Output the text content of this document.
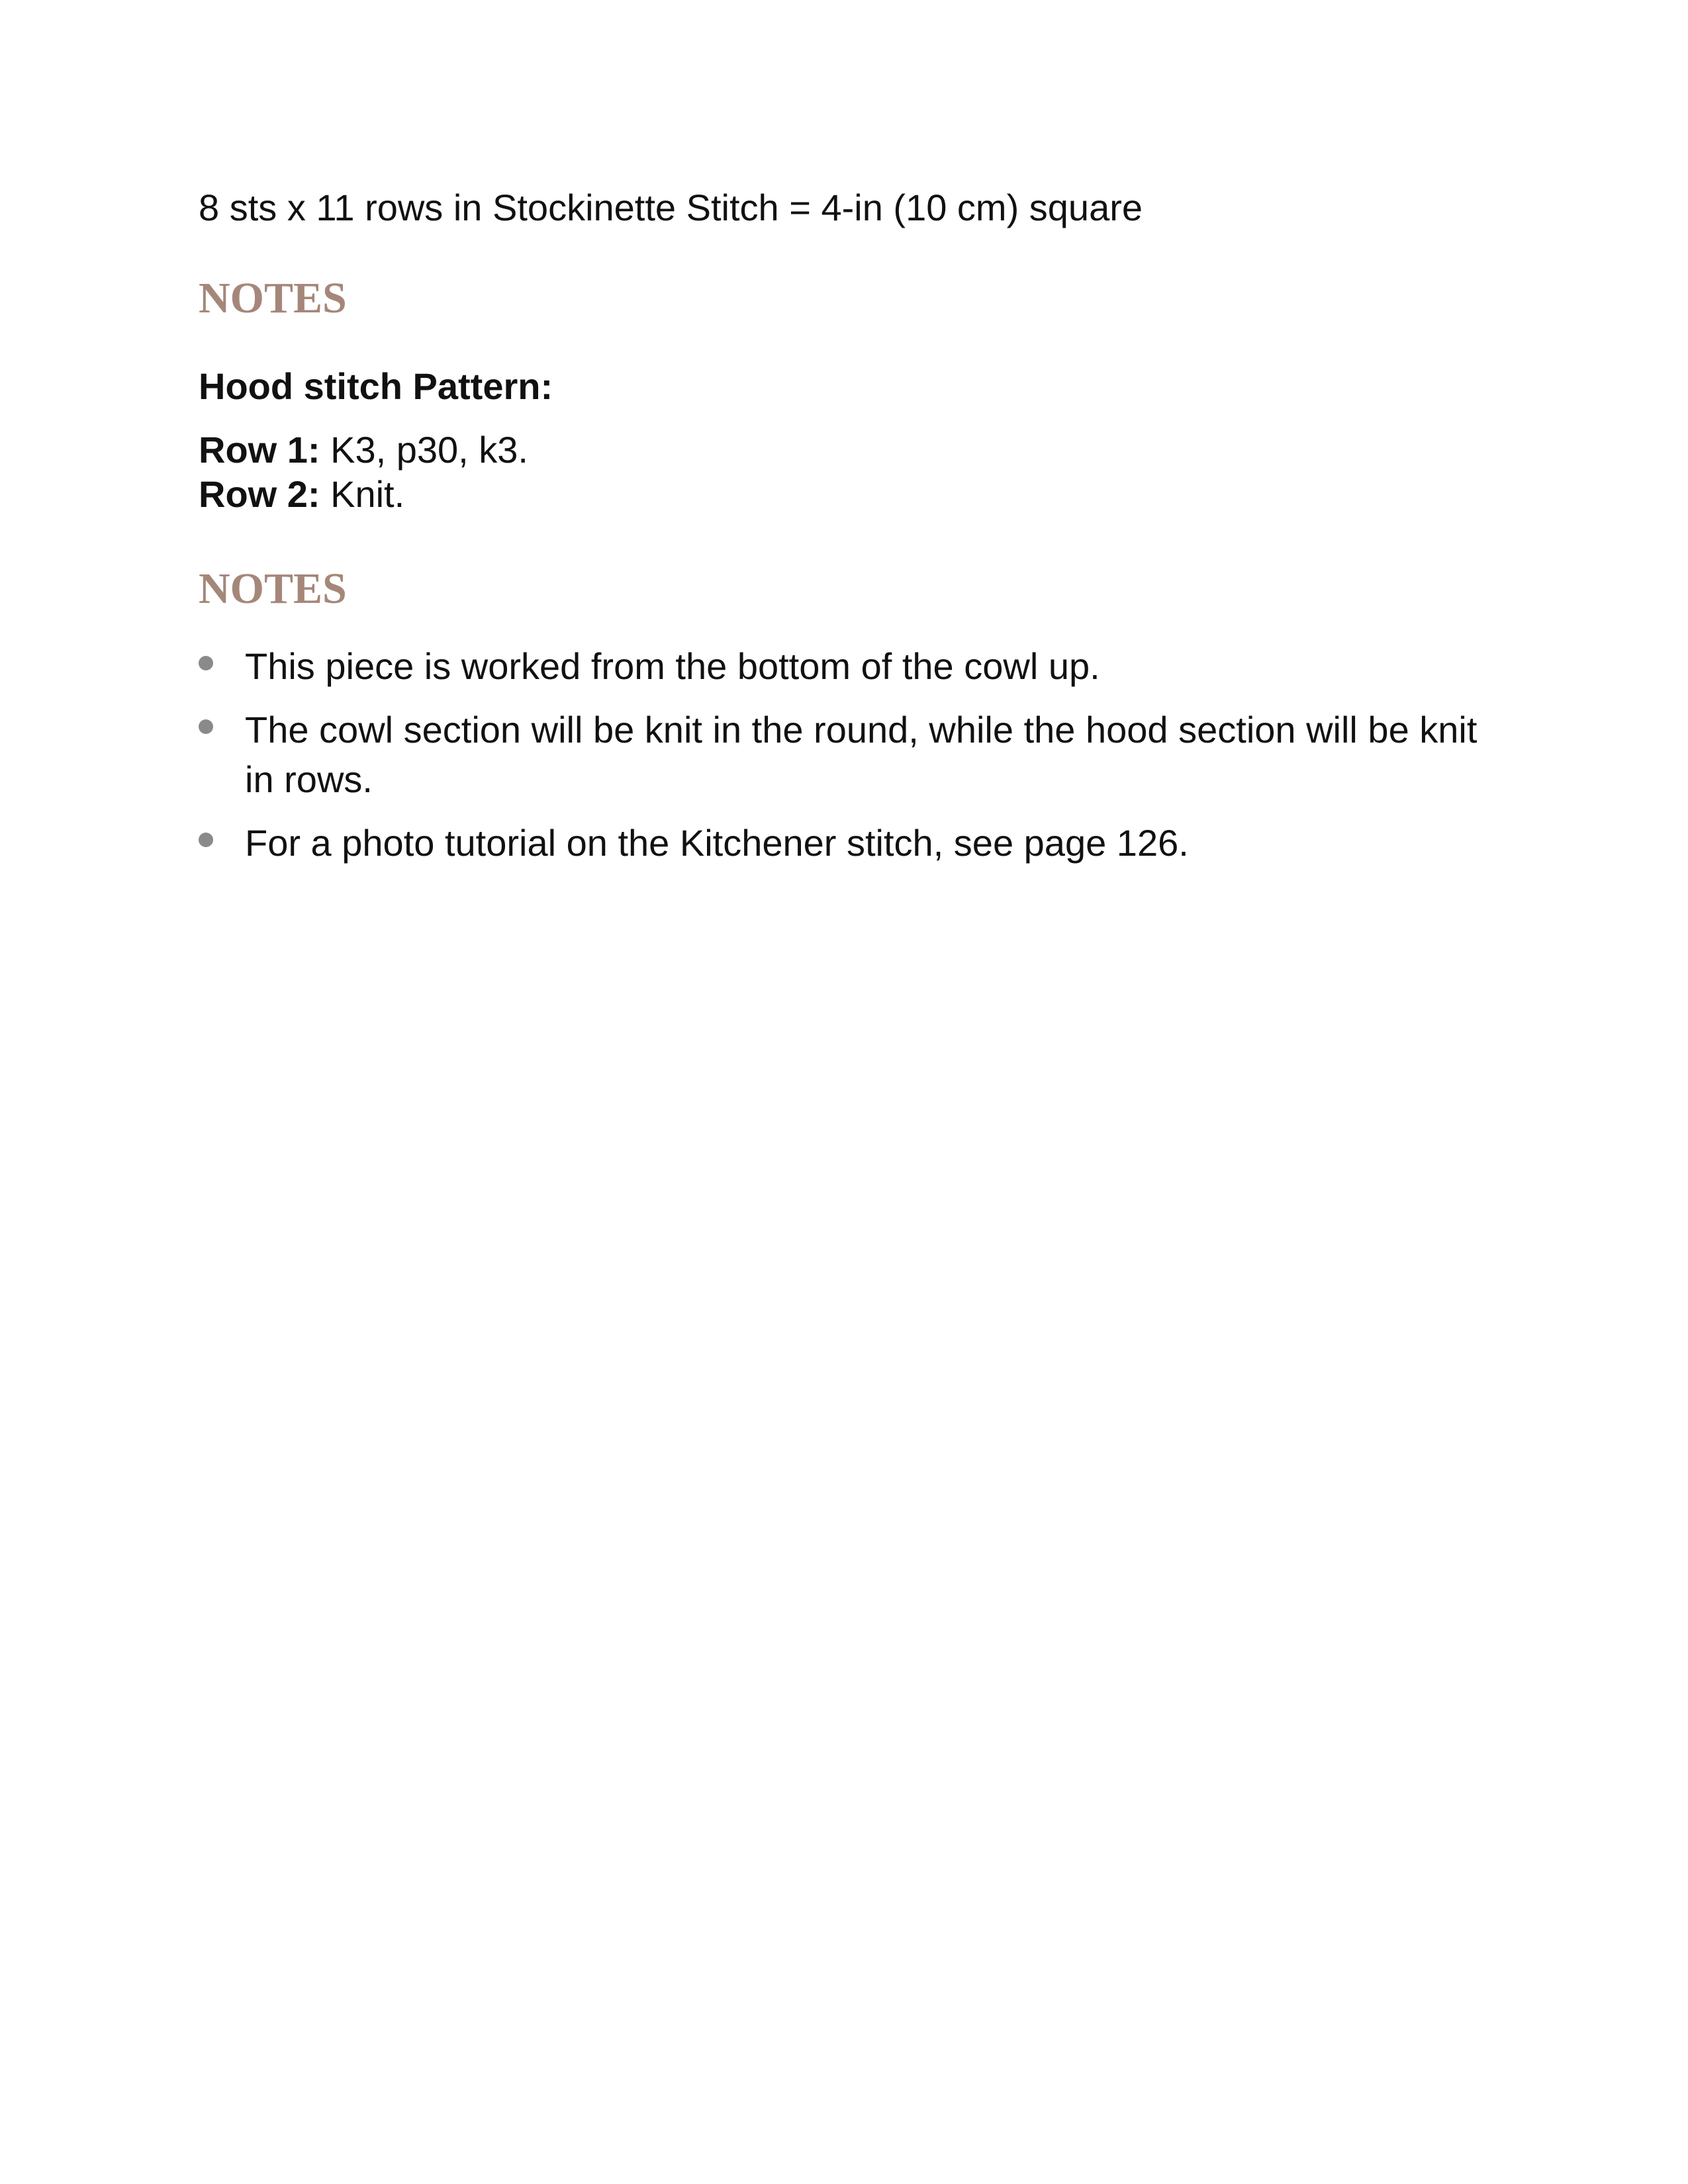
8 sts x 11 rows in Stockinette Stitch = 4-in (10 cm) square

NOTES

Hood stitch Pattern:

Row 1: K3, p30, k3.

Row 2: Knit.

NOTES
This piece is worked from the bottom of the cowl up.
The cowl section will be knit in the round, while the hood section will be knit in rows.
For a photo tutorial on the Kitchener stitch, see page 126.
